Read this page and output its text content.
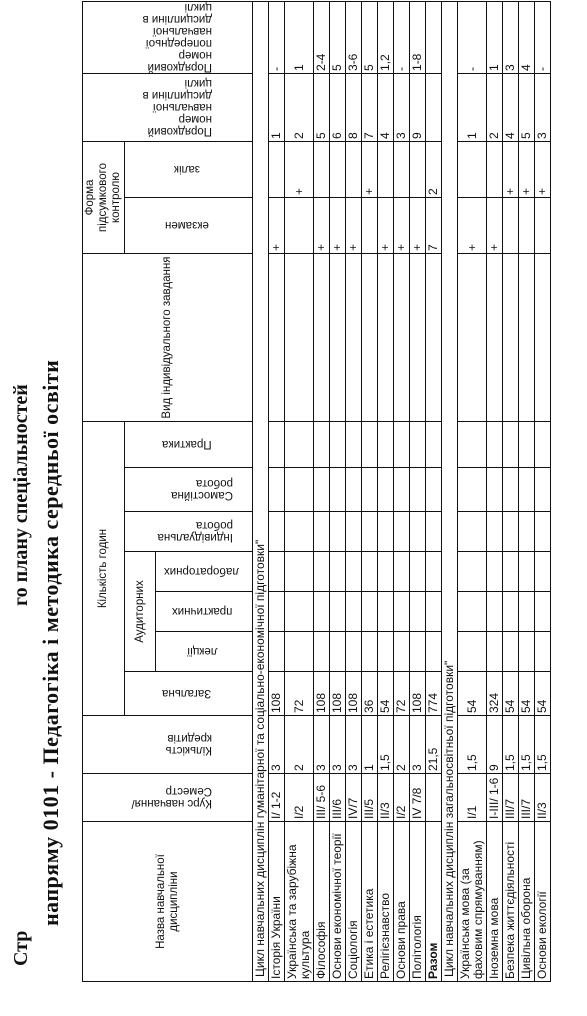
Стр
го плану спеціальностей напряму 0101 - Педагогіка і методика середньої освіти	Назва навчальної дисципліни	Курс навчання/ Семестр	Кількість кредитів	Кількість годин							Вид індивідуального завдання	Форма підсумкового контролю		Порядковий номер навчальної дисципліни в циклі	Порядковий номер попередньої навчальної дисципліни в циклі
			Загальна	Аудиторних			Індивідуальна робота	Самостійна робота	Практика		екзамен	залік		
				лекції	практичних	лабораторних								
Цикл навчальних дисциплін гуманітарної та соціально-економічної підготовки"														
Історія України	I/ 1-2	3	108								+		1	-
Українська та зарубіжна культура	I/2	2	72									+	2	1
Філософія	III/ 5-6	3	108								+		5	2-4
Основи економічної теорії	III/6	3	108								+		6	5
Соціологія	IV/7	3	108								+		8	3-6
Етика і естетика	III/5	1	36									+	7	5
Релігієзнавство	II/3	1,5	54								+		4	1,2
Основи права	I/2	2	72								+		3	-
Політологія	IV 7/8	3	108								+		9	1-8
Разом		21,5	774								7	2		
Цикл навчальних дисциплін загальносвітньої підготовки"														
Українська мова (за фаховим спрямуванням)	I/1	1,5	54								+		1	-
Іноземна мова	I-III/ 1-6	9	324								+		2	1
Безпека життєдіяльності	III/7	1,5	54									+	4	3
Цивільна оборона	III/7	1,5	54									+	5	4
Основи екології	II/3	1,5	54									+	3	-
